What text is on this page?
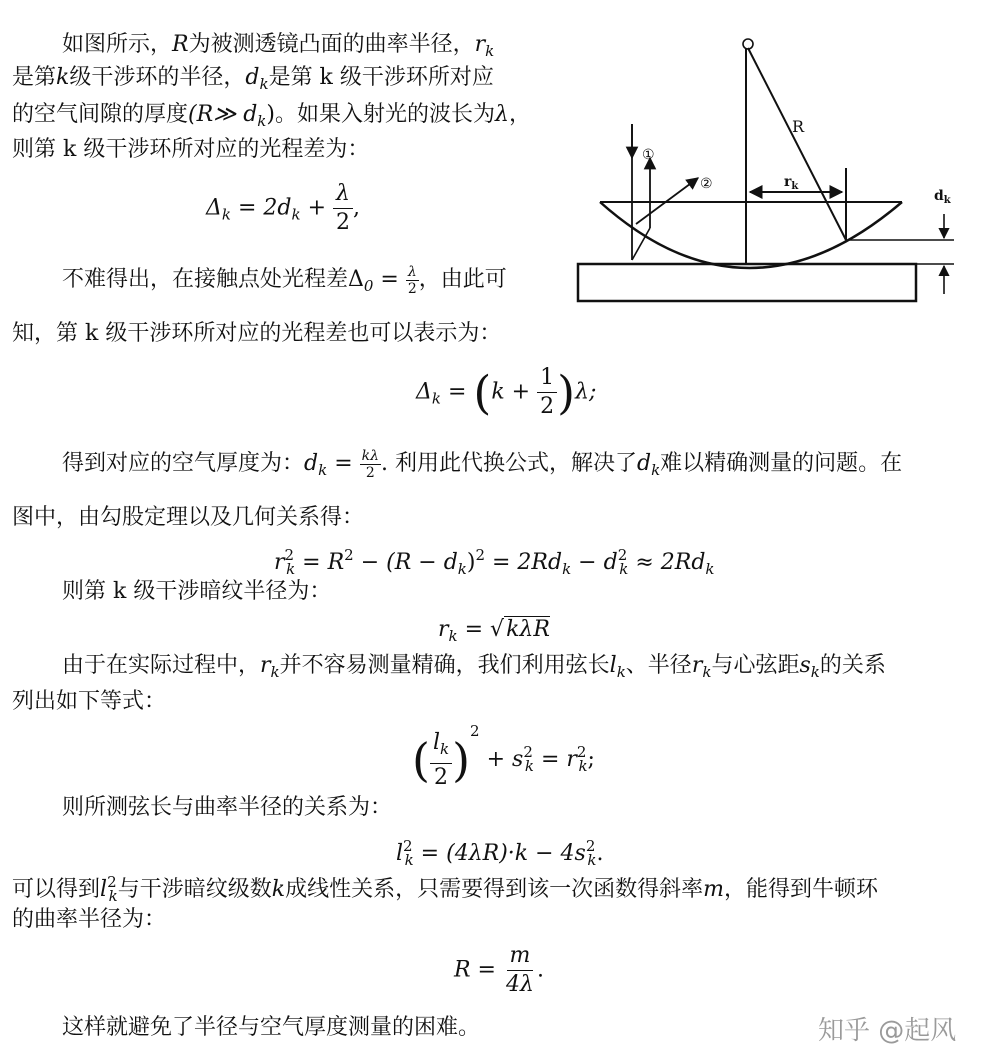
如图所示，R为被测透镜凸面的曲率半径，$r_k$
是第k级干涉环的半径，$d_k$是第 k 级干涉环所对应
的空气间隙的厚度(R≫ $d_k$)。如果入射光的波长为λ，
则第 k 级干涉环所对应的光程差为：
$\Delta_k = 2d_k + \frac{\lambda}{2}$ ,
不难得出，在接触点处光程差$\Delta_0 = \frac{\lambda}{2}$ ，由此可
知，第 k 级干涉环所对应的光程差也可以表示为：
$\Delta_k = (k + \frac{1}{2} )\lambda$;
得到对应的空气厚度为：$d_k = \frac{k\lambda}{2}$ . 利用此代换公式，解决了$d_k$难以精确测量的问题。在
图中，由勾股定理以及几何关系得：
$r^2_k = R^2 - (R - d_k)^2 = 2Rd_k - d^2_k \approx 2Rd_k$
则第 k 级干涉暗纹半径为：
$r_k = √k\lambda R$
由于在实际过程中，$r_k$并不容易测量精确，我们利用弦长$l_k$、半径$r_k$与心弦距$s_k$的关系
列出如下等式：
( $\frac{l_k}{2} )^2 + s^2_k = r^2_k$;
则所测弦长与曲率半径的关系为：
$l^2_k = (4\lambda R)\cdot k - 4s^2_k$.
可以得到$l^2_k$与干涉暗纹级数k成线性关系，只需要得到该一次函数得斜率m，能得到牛顿环
的曲率半径为：
$R = \frac{m}{4\lambda}$ .
这样就避免了半径与空气厚度测量的困难。	知乎 @起风
O
R
$r_k$
$d_k$
①
②
